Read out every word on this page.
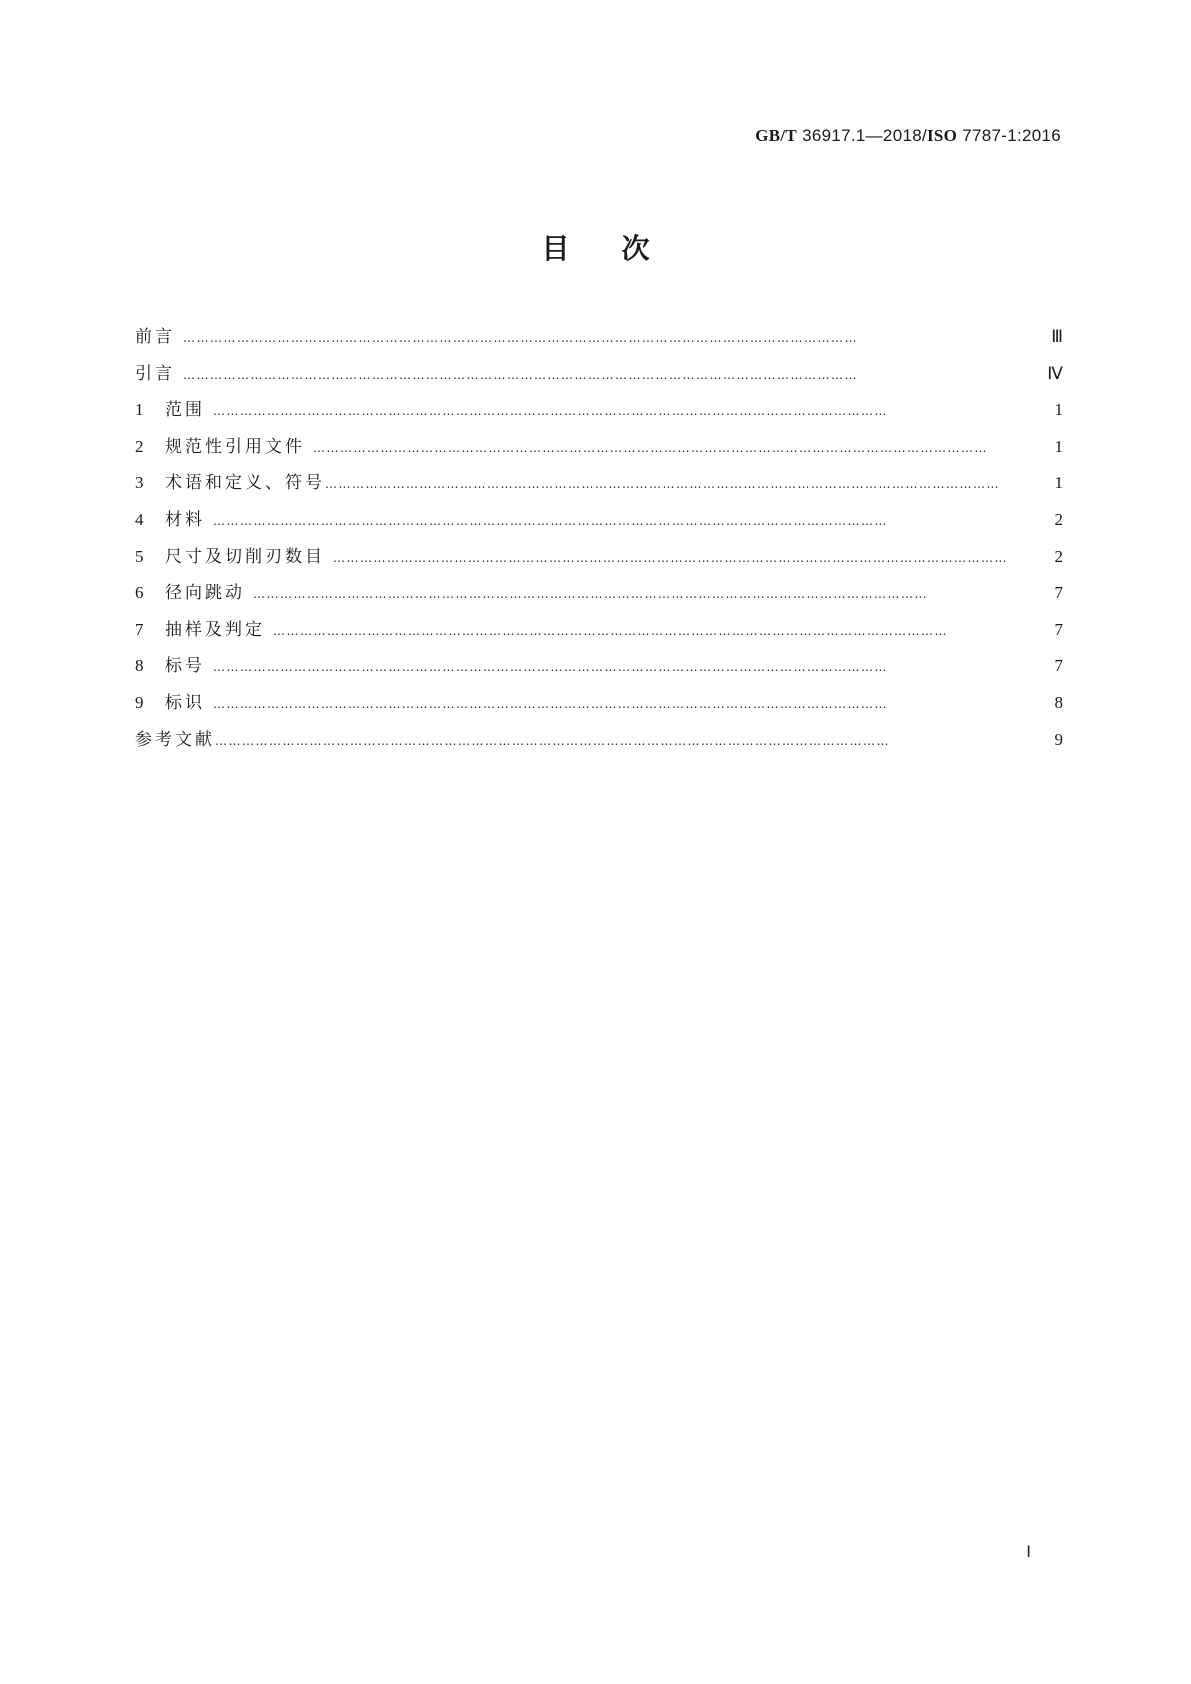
GB/T 36917.1—2018/ISO 7787-1:2016
目次
前言 ……………………………………………………………………………………………………………………………………	Ⅲ
引言 ……………………………………………………………………………………………………………………………………	Ⅳ
1	范围 ……………………………………………………………………………………………………………………………………	1
2	规范性引用文件 ……………………………………………………………………………………………………………………………………	1
3	术语和定义、符号 ……………………………………………………………………………………………………………………………………	1
4	材料 ……………………………………………………………………………………………………………………………………	2
5	尺寸及切削刃数目 ……………………………………………………………………………………………………………………………………	2
6	径向跳动 ……………………………………………………………………………………………………………………………………	7
7	抽样及判定 ……………………………………………………………………………………………………………………………………	7
8	标号 ……………………………………………………………………………………………………………………………………	7
9	标识 ……………………………………………………………………………………………………………………………………	8
参考文献 ……………………………………………………………………………………………………………………………………	9
Ⅰ
